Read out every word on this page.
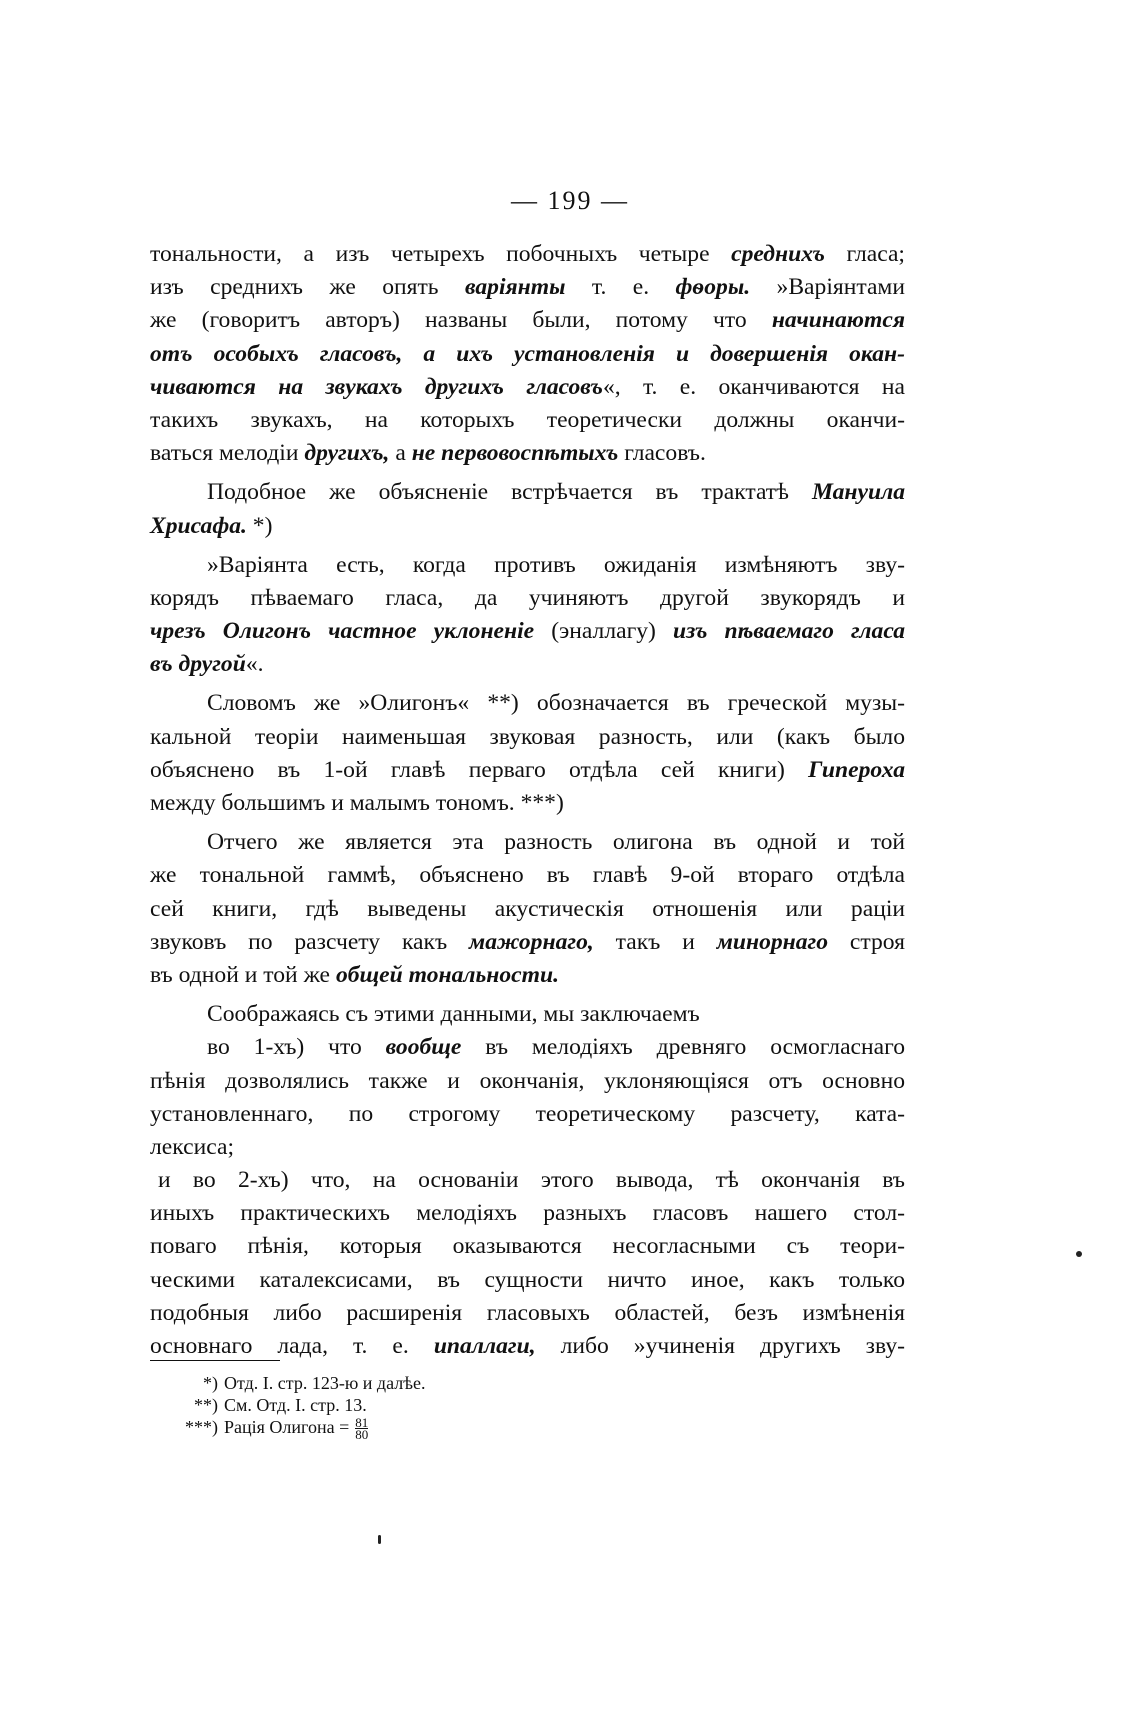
— 199 —
тональности, а изъ четырехъ побочныхъ четыре среднихъ гласа;
изъ среднихъ же опять варіянты т. е. фѳоры. »Варіянтами
же (говоритъ авторъ) названы были, потому что начинаются
отъ особыхъ гласовъ, а ихъ установленія и довершенія окан-
чиваются на звукахъ другихъ гласовъ«, т. е. оканчиваются на
такихъ звукахъ, на которыхъ теоретически должны оканчи-
ваться мелодіи другихъ, а не первовоспѣтыхъ гласовъ.
Подобное же объясненіе встрѣчается въ трактатѣ Мануила
Хрисафа. *)
»Варіянта есть, когда противъ ожиданія измѣняютъ зву-
корядъ пѣваемаго гласа, да учиняютъ другой звукорядъ и
чрезъ Олигонъ частное уклоненіе (эналлагу) изъ пѣваемаго гласа
въ другой«.
Словомъ же »Олигонъ« **) обозначается въ греческой музы-
кальной теоріи наименьшая звуковая разность, или (какъ было
объяснено въ 1-ой главѣ перваго отдѣла сей книги) Гипероха
между большимъ и малымъ тономъ. ***)
Отчего же является эта разность олигона въ одной и той
же тональной гаммѣ, объяснено въ главѣ 9-ой втораго отдѣла
сей книги, гдѣ выведены акустическія отношенія или раціи
звуковъ по разсчету какъ мажорнаго, такъ и минорнаго строя
въ одной и той же общей тональности.
Соображаясь съ этими данными, мы заключаемъ
во 1-хъ) что вообще въ мелодіяхъ древняго осмогласнаго
пѣнія дозволялись также и окончанія, уклоняющіяся отъ основно
установленнаго, по строгому теоретическому разсчету, ката-
лексиса;
и во 2-хъ) что, на основаніи этого вывода, тѣ окончанія въ
иныхъ практическихъ мелодіяхъ разныхъ гласовъ нашего стол-
поваго пѣнія, которыя оказываются несогласными съ теори-
ческими каталексисами, въ сущности ничто иное, какъ только
подобныя либо расширенія гласовыхъ областей, безъ измѣненія
основнаго лада, т. е. ипаллаги, либо »учиненія другихъ зву-
*) Отд. I. стр. 123-ю и далѣе.
**) См. Отд. I. стр. 13.
***) Рація Олигона = $\frac{81}{80}$
